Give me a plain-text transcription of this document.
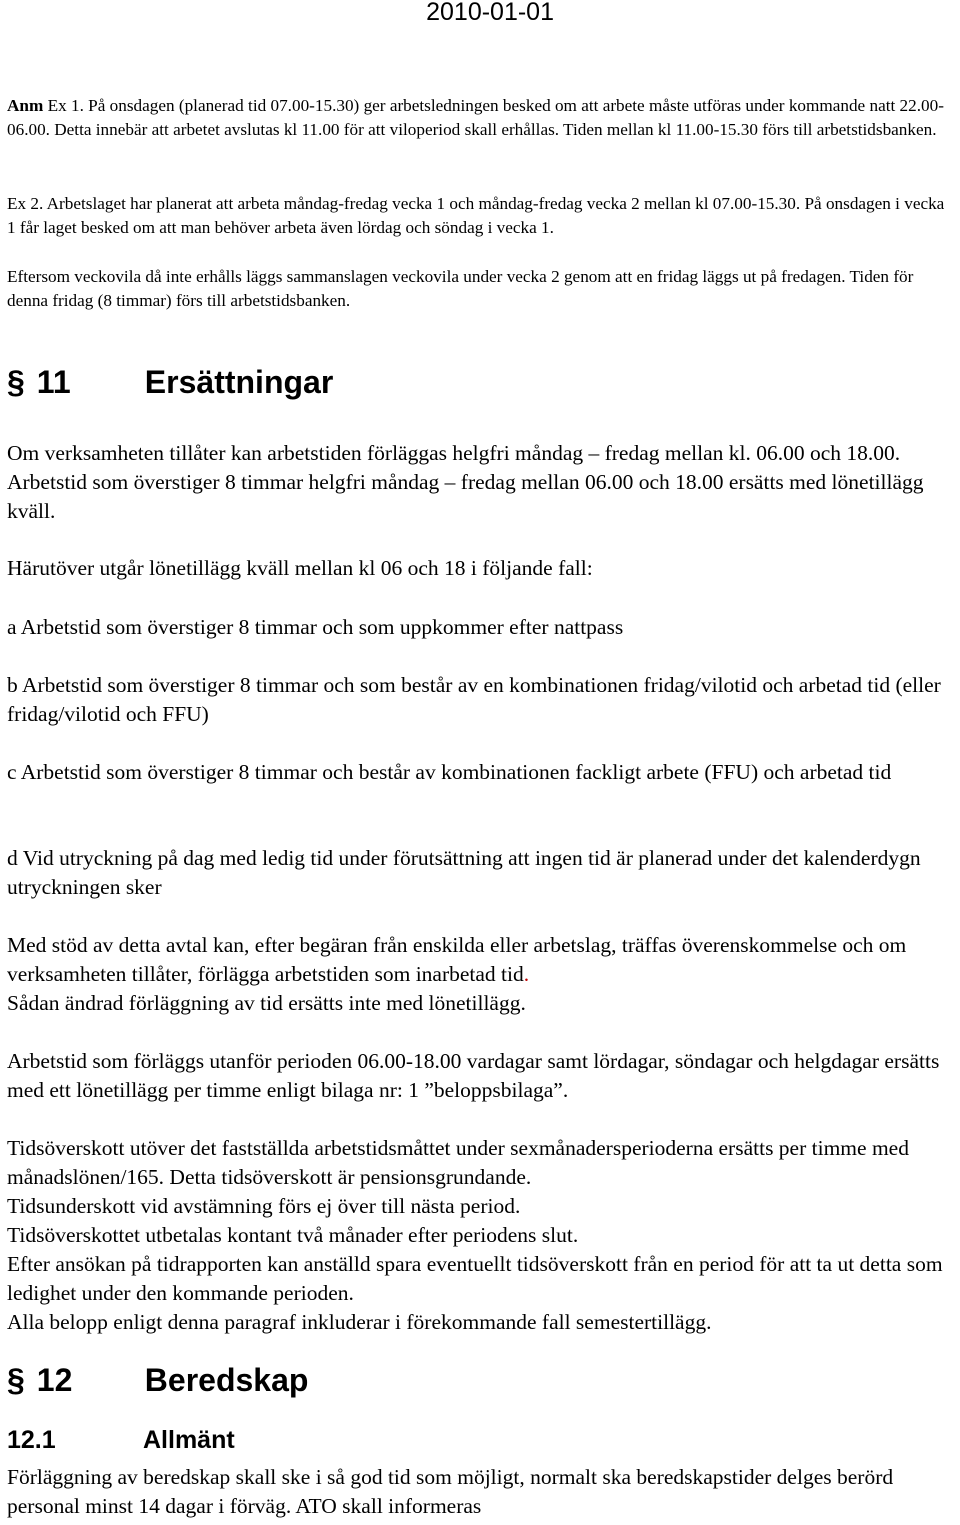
2010-01-01
Anm Ex 1. På onsdagen (planerad tid 07.00-15.30) ger arbetsledningen besked om att arbete måste utföras under kommande natt 22.00-06.00. Detta innebär att arbetet avslutas kl 11.00 för att viloperiod skall erhållas. Tiden mellan kl 11.00-15.30 förs till arbetstidsbanken.
Ex 2. Arbetslaget har planerat att arbeta måndag-fredag vecka 1 och måndag-fredag vecka 2 mellan kl 07.00-15.30. På onsdagen i vecka 1 får laget besked om att man behöver arbeta även lördag och söndag i vecka 1.
Eftersom veckovila då inte erhålls läggs sammanslagen veckovila under vecka 2 genom att en fridag läggs ut på fredagen. Tiden för denna fridag (8 timmar) förs till arbetstidsbanken.
§ 11 Ersättningar

Om verksamheten tillåter kan arbetstiden förläggas helgfri måndag – fredag mellan kl. 06.00 och 18.00. Arbetstid som överstiger 8 timmar helgfri måndag – fredag mellan 06.00 och 18.00 ersätts med lönetillägg kväll.

Härutöver utgår lönetillägg kväll mellan kl 06 och 18 i följande fall:

a Arbetstid som överstiger 8 timmar och som uppkommer efter nattpass

b Arbetstid som överstiger 8 timmar och som består av en kombinationen fridag/vilotid och arbetad tid (eller fridag/vilotid och FFU)

c Arbetstid som överstiger 8 timmar och består av kombinationen fackligt arbete (FFU) och arbetad tid

d Vid utryckning på dag med ledig tid under förutsättning att ingen tid är planerad under det kalenderdygn utryckningen sker

Med stöd av detta avtal kan, efter begäran från enskilda eller arbetslag, träffas överenskommelse och om verksamheten tillåter, förlägga arbetstiden som inarbetad tid.
Sådan ändrad förläggning av tid ersätts inte med lönetillägg.

Arbetstid som förläggs utanför perioden 06.00-18.00 vardagar samt lördagar, söndagar och helgdagar ersätts med ett lönetillägg per timme enligt bilaga nr: 1 ”beloppsbilaga”.

Tidsöverskott utöver det fastställda arbetstidsmåttet under sexmånadersperioderna ersätts per timme med månadslönen/165. Detta tidsöverskott är pensionsgrundande.

Tidsunderskott vid avstämning förs ej över till nästa period.

Tidsöverskottet utbetalas kontant två månader efter periodens slut.

Efter ansökan på tidrapporten kan anställd spara eventuellt tidsöverskott från en period för att ta ut detta som ledighet under den kommande perioden.

Alla belopp enligt denna paragraf inkluderar i förekommande fall semestertillägg.

§ 12 Beredskap
12.1	Allmänt

Förläggning av beredskap skall ske i så god tid som möjligt, normalt ska beredskapstider delges berörd personal minst 14 dagar i förväg. ATO skall informeras
